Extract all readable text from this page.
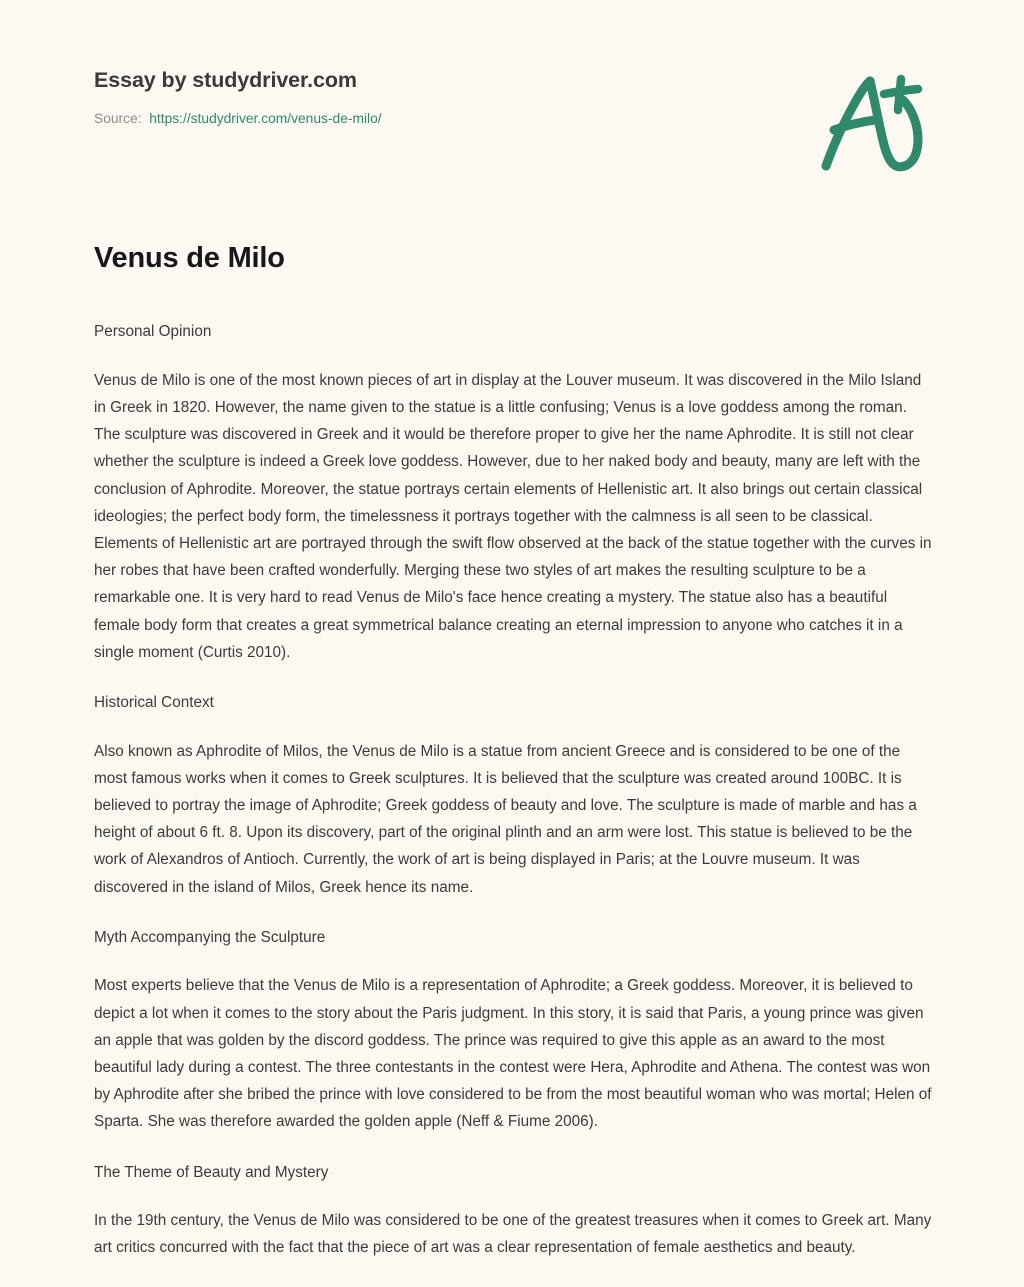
Essay by studydriver.com
Source: https://studydriver.com/venus-de-milo/
Venus de Milo
Personal Opinion

Venus de Milo is one of the most known pieces of art in display at the Louver museum. It was discovered in the Milo Island in Greek in 1820. However, the name given to the statue is a little confusing; Venus is a love goddess among the roman. The sculpture was discovered in Greek and it would be therefore proper to give her the name Aphrodite. It is still not clear whether the sculpture is indeed a Greek love goddess. However, due to her naked body and beauty, many are left with the conclusion of Aphrodite. Moreover, the statue portrays certain elements of Hellenistic art. It also brings out certain classical ideologies; the perfect body form, the timelessness it portrays together with the calmness is all seen to be classical. Elements of Hellenistic art are portrayed through the swift flow observed at the back of the statue together with the curves in her robes that have been crafted wonderfully. Merging these two styles of art makes the resulting sculpture to be a remarkable one. It is very hard to read Venus de Milo's face hence creating a mystery. The statue also has a beautiful female body form that creates a great symmetrical balance creating an eternal impression to anyone who catches it in a single moment (Curtis 2010).

Historical Context

Also known as Aphrodite of Milos, the Venus de Milo is a statue from ancient Greece and is considered to be one of the most famous works when it comes to Greek sculptures. It is believed that the sculpture was created around 100BC. It is believed to portray the image of Aphrodite; Greek goddess of beauty and love. The sculpture is made of marble and has a height of about 6 ft. 8. Upon its discovery, part of the original plinth and an arm were lost. This statue is believed to be the work of Alexandros of Antioch. Currently, the work of art is being displayed in Paris; at the Louvre museum. It was discovered in the island of Milos, Greek hence its name.

Myth Accompanying the Sculpture

Most experts believe that the Venus de Milo is a representation of Aphrodite; a Greek goddess. Moreover, it is believed to depict a lot when it comes to the story about the Paris judgment. In this story, it is said that Paris, a young prince was given an apple that was golden by the discord goddess. The prince was required to give this apple as an award to the most beautiful lady during a contest. The three contestants in the contest were Hera, Aphrodite and Athena. The contest was won by Aphrodite after she bribed the prince with love considered to be from the most beautiful woman who was mortal; Helen of Sparta. She was therefore awarded the golden apple (Neff & Fiume 2006).

The Theme of Beauty and Mystery

In the 19th century, the Venus de Milo was considered to be one of the greatest treasures when it comes to Greek art. Many art critics concurred with the fact that the piece of art was a clear representation of female aesthetics and beauty.
